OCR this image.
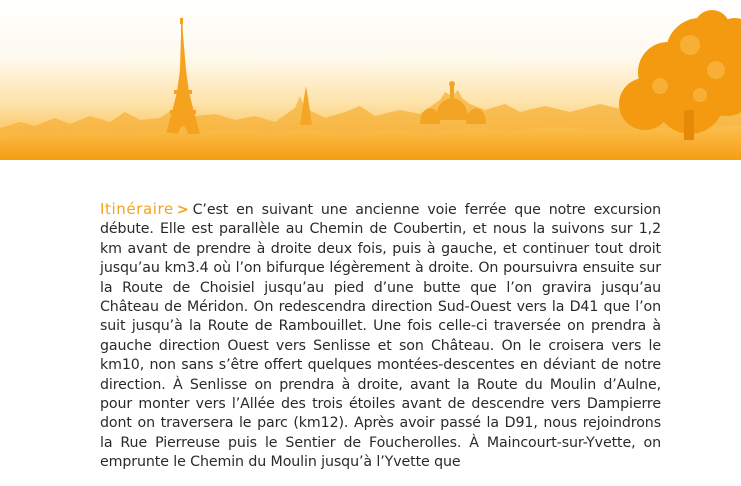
Itinéraire > C’est en suivant une ancienne voie ferrée que notre excursion débute. Elle est parallèle au Chemin de Coubertin, et nous la suivons sur 1,2 km avant de prendre à droite deux fois, puis à gauche, et continuer tout droit jusqu’au km3.4 où l’on bifurque légèrement à droite. On poursuivra ensuite sur la Route de Choisiel jusqu’au pied d’une butte que l’on gravira jusqu’au Château de Méridon. On redescendra direction Sud-Ouest vers la D41 que l’on suit jusqu’à la Route de Rambouillet. Une fois celle-ci traversée on prendra à gauche direction Ouest vers Senlisse et son Château. On le croisera vers le km10, non sans s’être offert quelques montées-descentes en déviant de notre direction. À Senlisse on prendra à droite, avant la Route du Moulin d’Aulne, pour monter vers l’Allée des trois étoiles avant de descendre vers Dampierre dont on traversera le parc (km12). Après avoir passé la D91, nous rejoindrons la Rue Pierreuse puis le Sentier de Foucherolles. À Maincourt-sur-Yvette, on emprunte le Chemin du Moulin jusqu’à l’Yvette que
